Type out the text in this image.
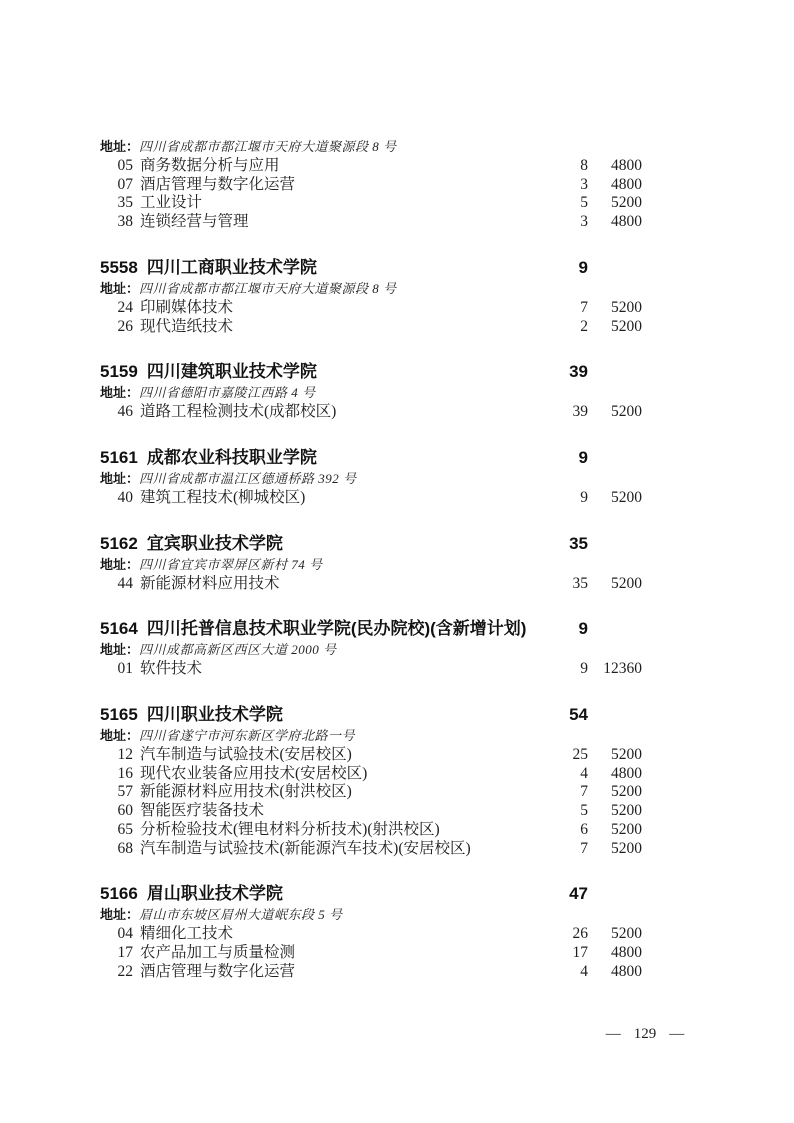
地址：四川省成都市都江堰市天府大道聚源段 8 号
05 商务数据分析与应用	8	4800
07 酒店管理与数字化运营	3	4800
35 工业设计	5	5200
38 连锁经营与管理	3	4800
5558 四川工商职业技术学院	9
地址：四川省成都市都江堰市天府大道聚源段 8 号
24 印刷媒体技术	7	5200
26 现代造纸技术	2	5200
5159 四川建筑职业技术学院	39
地址：四川省德阳市嘉陵江西路 4 号
46 道路工程检测技术(成都校区)	39	5200
5161 成都农业科技职业学院	9
地址：四川省成都市温江区德通桥路 392 号
40 建筑工程技术(柳城校区)	9	5200
5162 宜宾职业技术学院	35
地址：四川省宜宾市翠屏区新村 74 号
44 新能源材料应用技术	35	5200
5164 四川托普信息技术职业学院(民办院校)(含新增计划)	9
地址：四川成都高新区西区大道 2000 号
01 软件技术	9 12360
5165 四川职业技术学院	54
地址：四川省遂宁市河东新区学府北路一号
12 汽车制造与试验技术(安居校区)	25	5200
16 现代农业装备应用技术(安居校区)	4	4800
57 新能源材料应用技术(射洪校区)	7	5200
60 智能医疗装备技术	5	5200
65 分析检验技术(锂电材料分析技术)(射洪校区)	6	5200
68 汽车制造与试验技术(新能源汽车技术)(安居校区)	7	5200
5166 眉山职业技术学院	47
地址：眉山市东坡区眉州大道岷东段 5 号
04 精细化工技术	26	5200
17 农产品加工与质量检测	17	4800
22 酒店管理与数字化运营	4	4800
— 129 —
